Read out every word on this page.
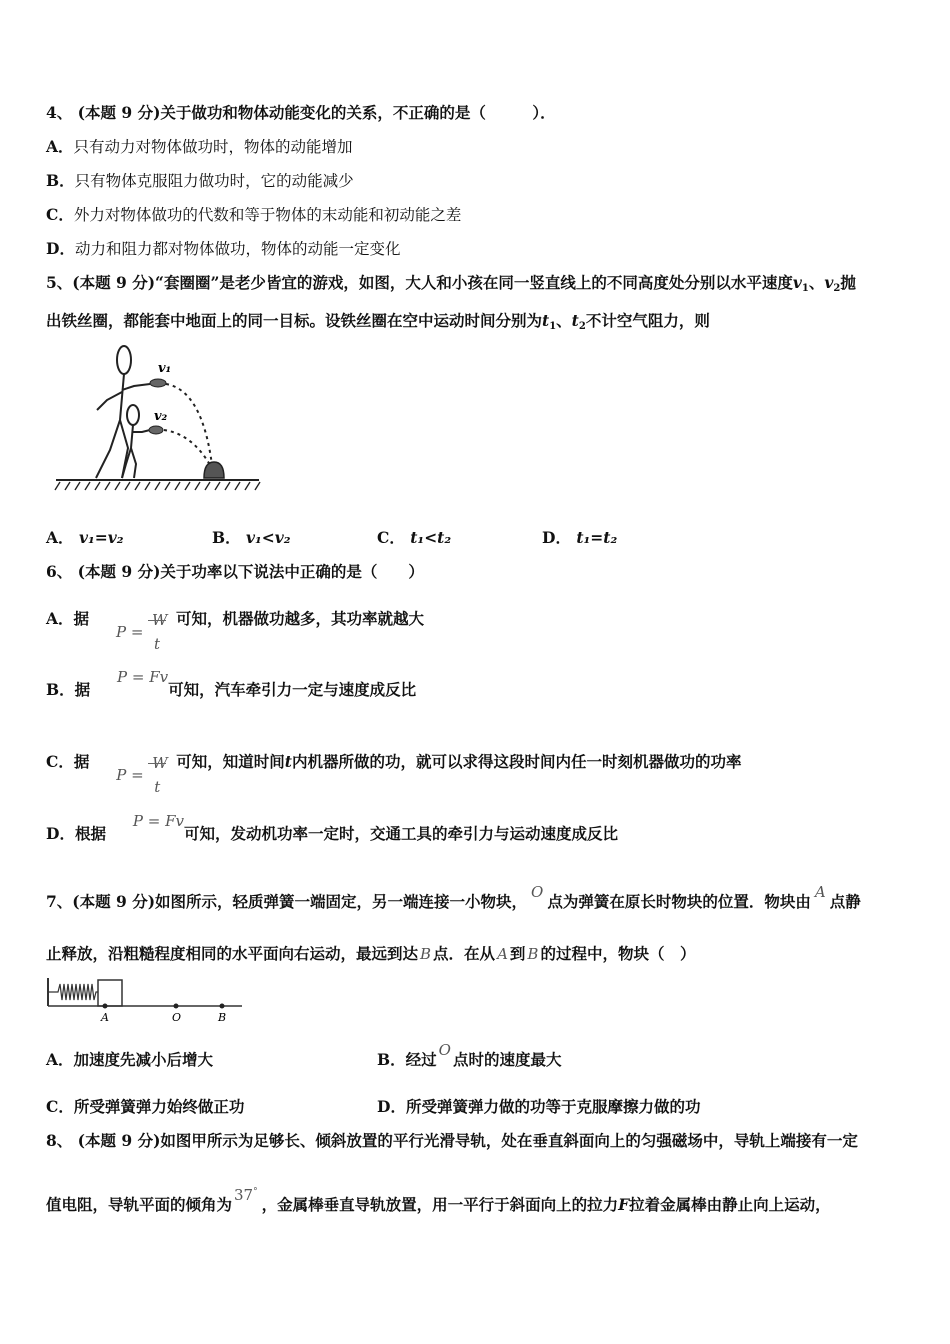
4、 (本题 9 分)关于做功和物体动能变化的关系，不正确的是（　　　）．
A．只有动力对物体做功时，物体的动能增加
B．只有物体克服阻力做功时，它的动能减少
C．外力对物体做功的代数和等于物体的末动能和初动能之差
D．动力和阻力都对物体做功，物体的动能一定变化
5、(本题 9 分)“套圈圈”是老少皆宜的游戏，如图，大人和小孩在同一竖直线上的不同高度处分别以水平速度$v_1$、$v_2$抛
出铁丝圈，都能套中地面上的同一目标。设铁丝圈在空中运动时间分别为$t_1$、$t_2$不计空气阻力，则
v₁
v₂
A． v₁=v₂	B． v₁<v₂	C． t₁<t₂	D． t₁=t₂
6、 (本题 9 分)关于功率以下说法中正确的是（　　）
A．据
P =
W
t
可知，机器做功越多，其功率就越大
B．据 P = Fv可知，汽车牵引力一定与速度成反比
C．据
P =
W
t
可知，知道时间t内机器所做的功，就可以求得这段时间内任一时刻机器做功的功率
D．根据 P = Fv可知，发动机功率一定时，交通工具的牵引力与运动速度成反比
7、(本题 9 分)如图所示，轻质弹簧一端固定，另一端连接一小物块， O 点为弹簧在原长时物块的位置．物块由 A 点静
止释放，沿粗糙程度相同的水平面向右运动，最远到达 B 点．在从 A 到 B 的过程中，物块（　）
A	O	B
A．加速度先减小后增大	B．经过 O 点时的速度最大
C．所受弹簧弹力始终做正功	D．所受弹簧弹力做的功等于克服摩擦力做的功
8、 (本题 9 分)如图甲所示为足够长、倾斜放置的平行光滑导轨，处在垂直斜面向上的匀强磁场中，导轨上端接有一定
值电阻，导轨平面的倾角为 37°，金属棒垂直导轨放置，用一平行于斜面向上的拉力F拉着金属棒由静止向上运动，
